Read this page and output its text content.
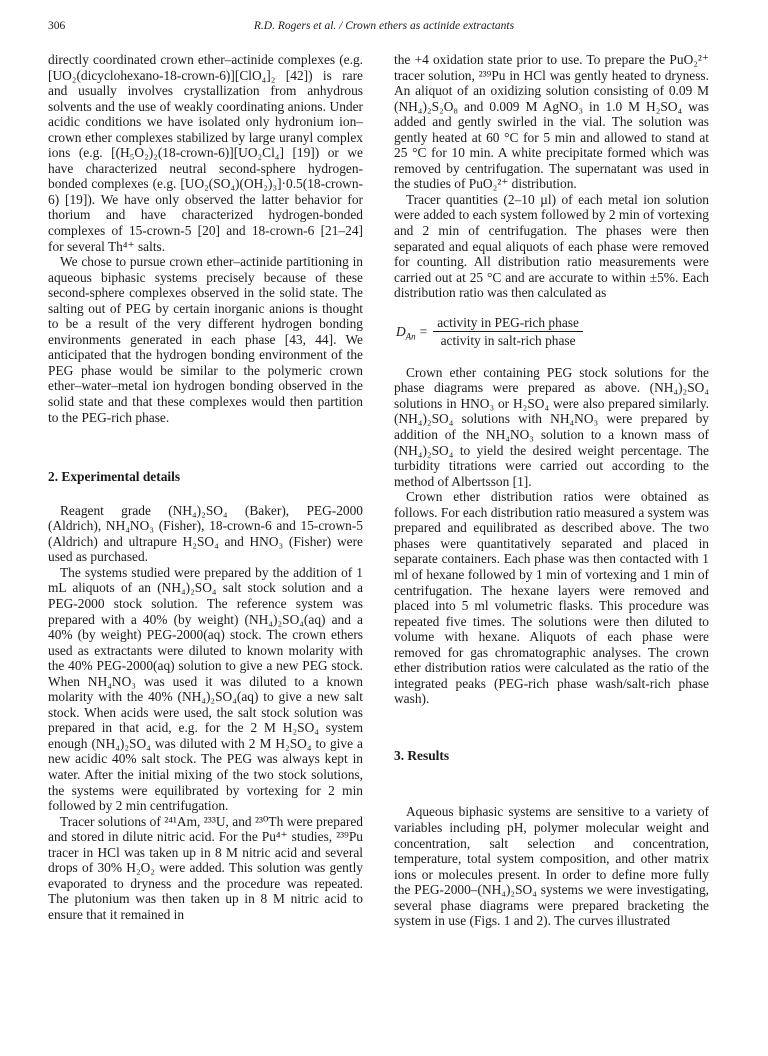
306	R.D. Rogers et al. / Crown ethers as actinide extractants

directly coordinated crown ether–actinide complexes (e.g. [UO₂(dicyclohexano-18-crown-6)][ClO₄]₂ [42]) is rare and usually involves crystallization from anhydrous solvents and the use of weakly coordinating anions. Under acidic conditions we have isolated only hydronium ion–crown ether complexes stabilized by large uranyl complex ions (e.g. [(H₅O₂)₂(18-crown-6)][UO₂Cl₄] [19]) or we have characterized neutral second-sphere hydrogen-bonded complexes (e.g. [UO₂(SO₄)(OH₂)₃]·0.5(18-crown-6) [19]). We have only observed the latter behavior for thorium and have characterized hydrogen-bonded complexes of 15-crown-5 [20] and 18-crown-6 [21–24] for several Th⁴⁺ salts.

We chose to pursue crown ether–actinide partitioning in aqueous biphasic systems precisely because of these second-sphere complexes observed in the solid state. The salting out of PEG by certain inorganic anions is thought to be a result of the very different hydrogen bonding environments generated in each phase [43, 44]. We anticipated that the hydrogen bonding environment of the PEG phase would be similar to the polymeric crown ether–water–metal ion hydrogen bonding observed in the solid state and that these complexes would then partition to the PEG-rich phase.

2. Experimental details

Reagent grade (NH₄)₂SO₄ (Baker), PEG-2000 (Aldrich), NH₄NO₃ (Fisher), 18-crown-6 and 15-crown-5 (Aldrich) and ultrapure H₂SO₄ and HNO₃ (Fisher) were used as purchased.

The systems studied were prepared by the addition of 1 mL aliquots of an (NH₄)₂SO₄ salt stock solution and a PEG-2000 stock solution. The reference system was prepared with a 40% (by weight) (NH₄)₂SO₄(aq) and a 40% (by weight) PEG-2000(aq) stock. The crown ethers used as extractants were diluted to known molarity with the 40% PEG-2000(aq) solution to give a new PEG stock. When NH₄NO₃ was used it was diluted to a known molarity with the 40% (NH₄)₂SO₄(aq) to give a new salt stock. When acids were used, the salt stock solution was prepared in that acid, e.g. for the 2 M H₂SO₄ system enough (NH₄)₂SO₄ was diluted with 2 M H₂SO₄ to give a new acidic 40% salt stock. The PEG was always kept in water. After the initial mixing of the two stock solutions, the systems were equilibrated by vortexing for 2 min followed by 2 min centrifugation.

Tracer solutions of ²⁴¹Am, ²³³U, and ²³⁰Th were prepared and stored in dilute nitric acid. For the Pu⁴⁺ studies, ²³⁹Pu tracer in HCl was taken up in 8 M nitric acid and several drops of 30% H₂O₂ were added. This solution was gently evaporated to dryness and the procedure was repeated. The plutonium was then taken up in 8 M nitric acid to ensure that it remained in

the +4 oxidation state prior to use. To prepare the PuO₂²⁺ tracer solution, ²³⁹Pu in HCl was gently heated to dryness. An aliquot of an oxidizing solution consisting of 0.09 M (NH₄)₂S₂O₈ and 0.009 M AgNO₃ in 1.0 M H₂SO₄ was added and gently swirled in the vial. The solution was gently heated at 60 °C for 5 min and allowed to stand at 25 °C for 10 min. A white precipitate formed which was removed by centrifugation. The supernatant was used in the studies of PuO₂²⁺ distribution.

Tracer quantities (2–10 µl) of each metal ion solution were added to each system followed by 2 min of vortexing and 2 min of centrifugation. The phases were then separated and equal aliquots of each phase were removed for counting. All distribution ratio measurements were carried out at 25 °C and are accurate to within ±5%. Each distribution ratio was then calculated as

$D_{An} = \frac{\text{activity in PEG-rich phase}}{\text{activity in salt-rich phase}}$

Crown ether containing PEG stock solutions for the phase diagrams were prepared as above. (NH₄)₂SO₄ solutions in HNO₃ or H₂SO₄ were also prepared similarly. (NH₄)₂SO₄ solutions with NH₄NO₃ were prepared by addition of the NH₄NO₃ solution to a known mass of (NH₄)₂SO₄ to yield the desired weight percentage. The turbidity titrations were carried out according to the method of Albertsson [1].

Crown ether distribution ratios were obtained as follows. For each distribution ratio measured a system was prepared and equilibrated as described above. The two phases were quantitatively separated and placed in separate containers. Each phase was then contacted with 1 ml of hexane followed by 1 min of vortexing and 1 min of centrifugation. The hexane layers were removed and placed into 5 ml volumetric flasks. This procedure was repeated five times. The solutions were then diluted to volume with hexane. Aliquots of each phase were removed for gas chromatographic analyses. The crown ether distribution ratios were calculated as the ratio of the integrated peaks (PEG-rich phase wash/salt-rich phase wash).

3. Results

Aqueous biphasic systems are sensitive to a variety of variables including pH, polymer molecular weight and concentration, salt selection and concentration, temperature, total system composition, and other matrix ions or molecules present. In order to define more fully the PEG-2000–(NH₄)₂SO₄ systems we were investigating, several phase diagrams were prepared bracketing the system in use (Figs. 1 and 2). The curves illustrated
